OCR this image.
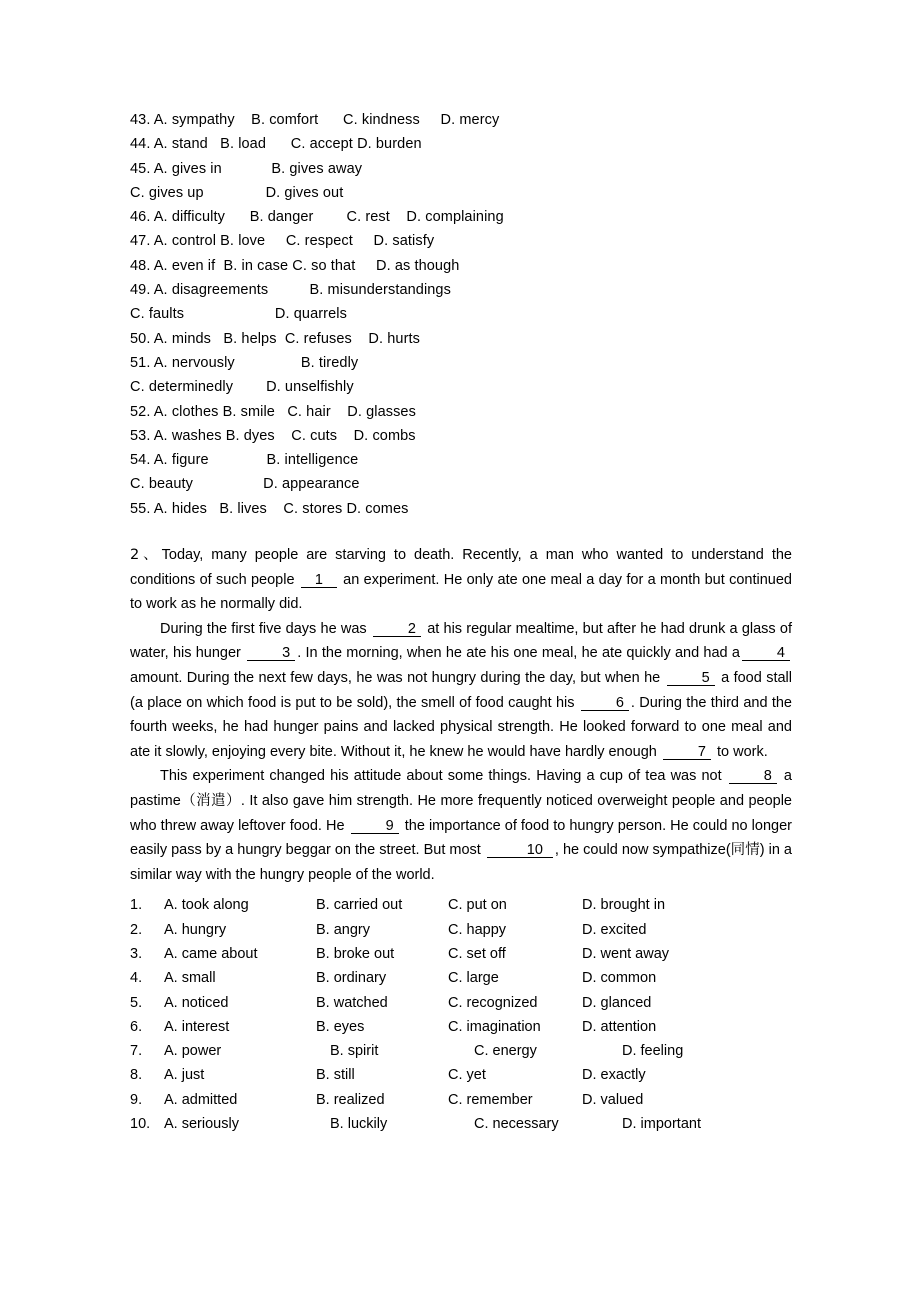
43. A. sympathy    B. comfort      C. kindness     D. mercy
44. A. stand   B. load      C. accept D. burden
45. A. gives in            B. gives away
C. gives up               D. gives out
46. A. difficulty      B. danger        C. rest    D. complaining
47. A. control B. love     C. respect     D. satisfy
48. A. even if  B. in case C. so that     D. as though
49. A. disagreements          B. misunderstandings
C. faults                      D. quarrels
50. A. minds   B. helps  C. refuses    D. hurts
51. A. nervously                B. tiredly
C. determinedly        D. unselfishly
52. A. clothes B. smile   C. hair    D. glasses
53. A. washes B. dyes    C. cuts    D. combs
54. A. figure              B. intelligence
C. beauty                 D. appearance
55. A. hides   B. lives    C. stores D. comes

2、Today, many people are starving to death. Recently, a man who wanted to understand the conditions of such people 1 an experiment. He only ate one meal a day for a month but continued to work as he normally did.

During the first five days he was	2 at his regular mealtime, but after he had drunk a glass of water, his hunger	3 . In the morning, when he ate his one meal, he ate quickly and had a	4 amount. During the next few days, he was not hungry during the day, but when he	5 a food stall (a place on which food is put to be sold), the smell of food caught his	6 . During the third and the fourth weeks, he had hunger pains and lacked physical strength. He looked forward to one meal and ate it slowly, enjoying every bite. Without it, he knew he would have hardly enough	7 to work.

This experiment changed his attitude about some things. Having a cup of tea was not	8 a pastime（消遣）. It also gave him strength. He more frequently noticed overweight people and people who threw away leftover food. He	9 the importance of food to hungry person. He could no longer easily pass by a hungry beggar on the street. But most	10 , he could now sympathize(同情) in a similar way with the hungry people of the world.

1.	A. took along	B. carried out	C. put on	D. brought in
2.	A. hungry	B. angry	C. happy	D. excited
3.	A. came about	B. broke out	C. set off	D. went away
4.	A. small	B. ordinary	C. large	D. common
5.	A. noticed	B. watched	C. recognized	D. glanced
6.	A. interest	B. eyes	C. imagination	D. attention
7.	A. power	B. spirit	C. energy	D. feeling
8.	A. just	B. still	C. yet	D. exactly
9.	A. admitted	B. realized	C. remember	D. valued
10. A. seriously	B. luckily	C. necessary	D. important
